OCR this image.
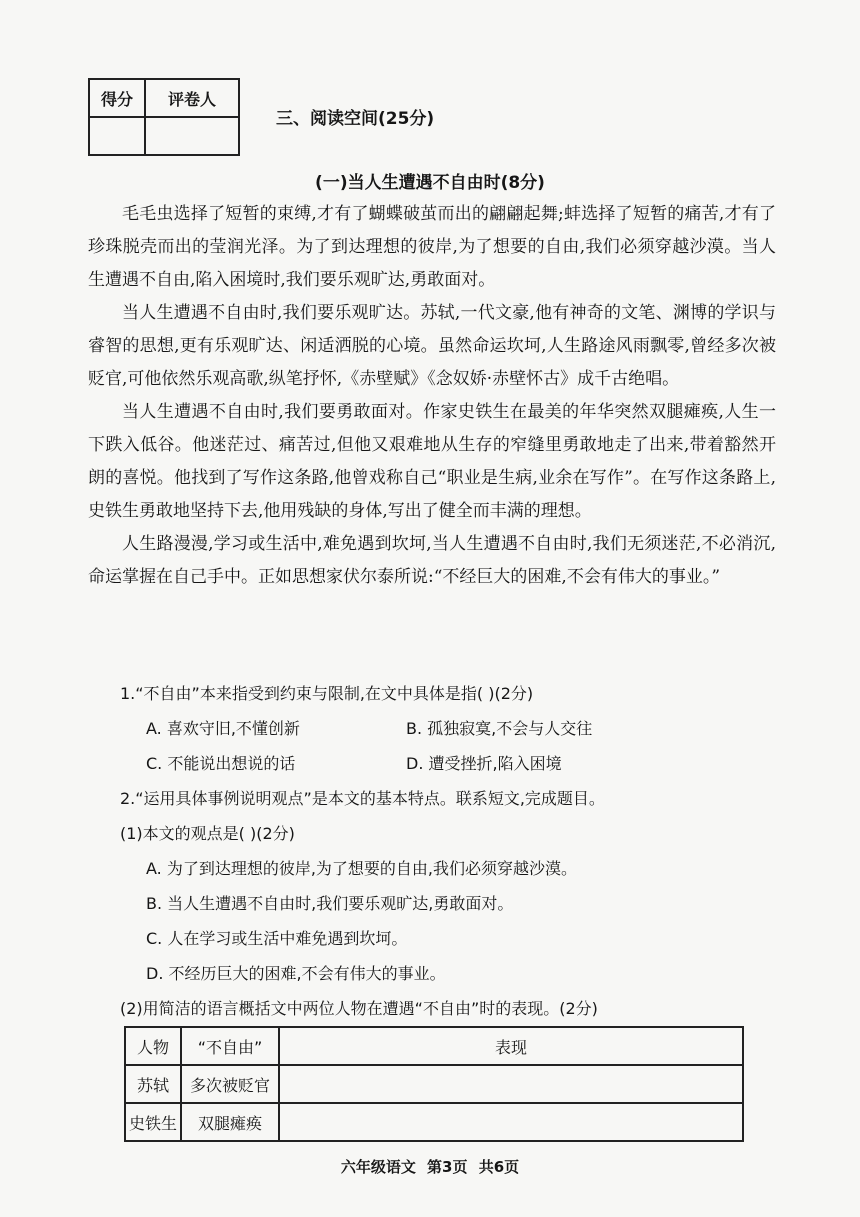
得分	评卷人

三、阅读空间(25分)
(一)当人生遭遇不自由时(8分)

毛毛虫选择了短暂的束缚,才有了蝴蝶破茧而出的翩翩起舞;蚌选择了短暂的痛苦,才有了珍珠脱壳而出的莹润光泽。为了到达理想的彼岸,为了想要的自由,我们必须穿越沙漠。当人生遭遇不自由,陷入困境时,我们要乐观旷达,勇敢面对。

当人生遭遇不自由时,我们要乐观旷达。苏轼,一代文豪,他有神奇的文笔、渊博的学识与睿智的思想,更有乐观旷达、闲适洒脱的心境。虽然命运坎坷,人生路途风雨飘零,曾经多次被贬官,可他依然乐观高歌,纵笔抒怀,《赤壁赋》《念奴娇·赤壁怀古》成千古绝唱。

当人生遭遇不自由时,我们要勇敢面对。作家史铁生在最美的年华突然双腿瘫痪,人生一下跌入低谷。他迷茫过、痛苦过,但他又艰难地从生存的窄缝里勇敢地走了出来,带着豁然开朗的喜悦。他找到了写作这条路,他曾戏称自己“职业是生病,业余在写作”。在写作这条路上,史铁生勇敢地坚持下去,他用残缺的身体,写出了健全而丰满的理想。

人生路漫漫,学习或生活中,难免遇到坎坷,当人生遭遇不自由时,我们无须迷茫,不必消沉,命运掌握在自己手中。正如思想家伏尔泰所说:“不经巨大的困难,不会有伟大的事业。”

1.“不自由”本来指受到约束与限制,在文中具体是指( )(2分)
A. 喜欢守旧,不懂创新	B. 孤独寂寞,不会与人交往
C. 不能说出想说的话	D. 遭受挫折,陷入困境
2.“运用具体事例说明观点”是本文的基本特点。联系短文,完成题目。
(1)本文的观点是( )(2分)
A. 为了到达理想的彼岸,为了想要的自由,我们必须穿越沙漠。
B. 当人生遭遇不自由时,我们要乐观旷达,勇敢面对。
C. 人在学习或生活中难免遇到坎坷。
D. 不经历巨大的困难,不会有伟大的事业。
(2)用简洁的语言概括文中两位人物在遭遇“不自由”时的表现。(2分)
人物	“不自由”	表现
苏轼	多次被贬官	
史铁生	双腿瘫痪	
六年级语文 第3页 共6页
